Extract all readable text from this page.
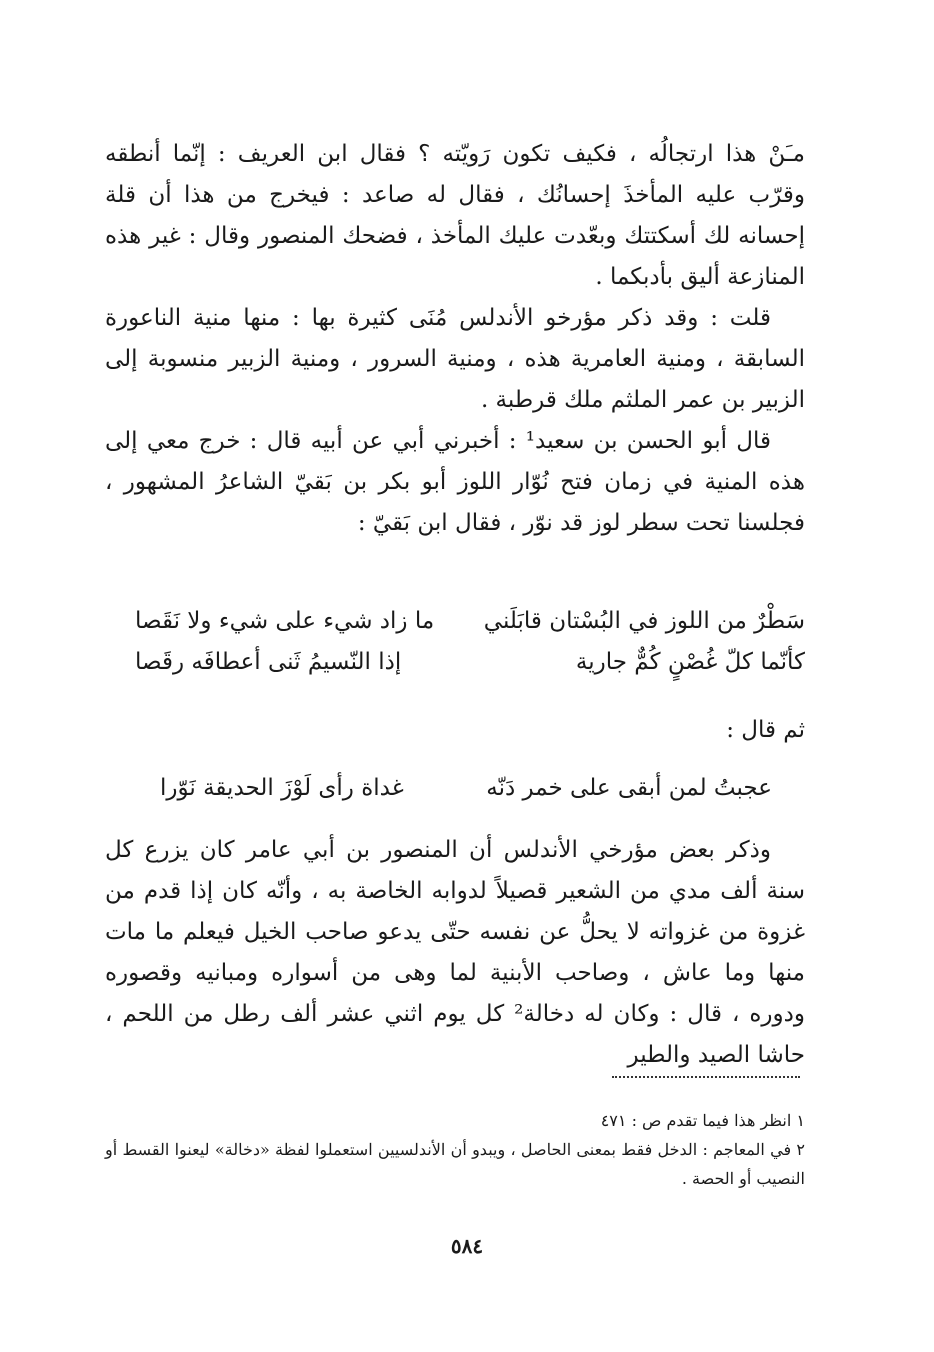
مـَنْ هذا ارتجالُه ، فكيف تكون رَويّته ؟ فقال ابن العريف : إنّما أنطقه وقرّب عليه المأخذَ إحسانُك ، فقال له صاعد : فيخرج من هذا أن قلة إحسانه لك أسكتتك وبعّدت عليك المأخذ ، فضحك المنصور وقال : غير هذه المنازعة أليق بأدبكما .

قلت : وقد ذكر مؤرخو الأندلس مُنَى كثيرة بها : منها منية الناعورة السابقة ، ومنية العامرية هذه ، ومنية السرور ، ومنية الزبير منسوبة إلى الزبير بن عمر الملثم ملك قرطبة .

قال أبو الحسن بن سعيد¹ : أخبرني أبي عن أبيه قال : خرج معي إلى هذه المنية في زمان فتح نُوّار اللوز أبو بكر بن بَقيّ الشاعرُ المشهور ، فجلسنا تحت سطر لوز قد نوّر ، فقال ابن بَقيّ :

سَطْرٌ من اللوز في البُسْتان قابَلَني
ما زاد شيء على شيء ولا نَقَصا
كأنّما كلّ غُصْنٍ كُمٌّ جارية
إذا النّسيمُ ثَنى أعطافَه رقَصا
ثم قال :
عجبتُ لمن أبقى على خمر دَنّه
غداة رأى لَوْزَ الحديقة نَوّرا

وذكر بعض مؤرخي الأندلس أن المنصور بن أبي عامر كان يزرع كل سنة ألف مدي من الشعير قصيلاً لدوابه الخاصة به ، وأنّه كان إذا قدم من غزوة من غزواته لا يحلُّ عن نفسه حتّى يدعو صاحب الخيل فيعلم ما مات منها وما عاش ، وصاحب الأبنية لما وهى من أسواره ومبانيه وقصوره ودوره ، قال : وكان له دخالة² كل يوم اثني عشر ألف رطل من اللحم ، حاشا الصيد والطير

١ انظر هذا فيما تقدم ص : ٤٧١

٢ في المعاجم : الدخل فقط بمعنى الحاصل ، ويبدو أن الأندلسيين استعملوا لفظة «دخالة» ليعنوا القسط أو النصيب أو الحصة .

٥٨٤
